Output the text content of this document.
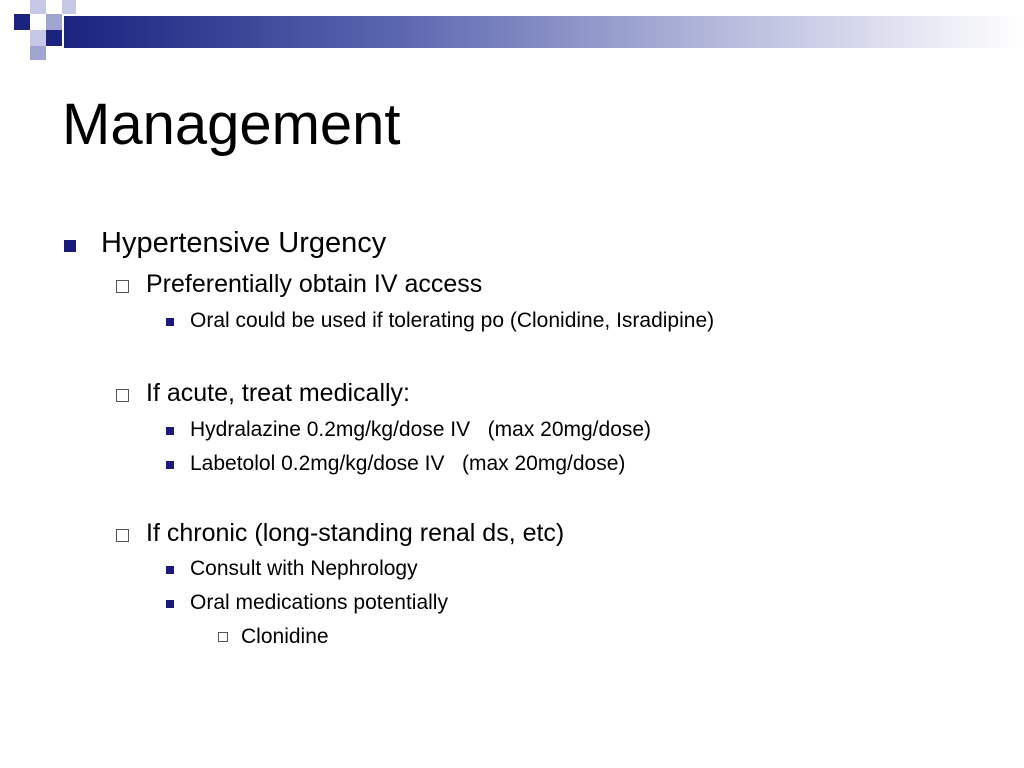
Management
Hypertensive Urgency
Preferentially obtain IV access
Oral could be used if tolerating po (Clonidine, Isradipine)
If acute, treat medically:
Hydralazine 0.2mg/kg/dose IV   (max 20mg/dose)
Labetolol 0.2mg/kg/dose IV   (max 20mg/dose)
If chronic (long-standing renal ds, etc)
Consult with Nephrology
Oral medications potentially
Clonidine
